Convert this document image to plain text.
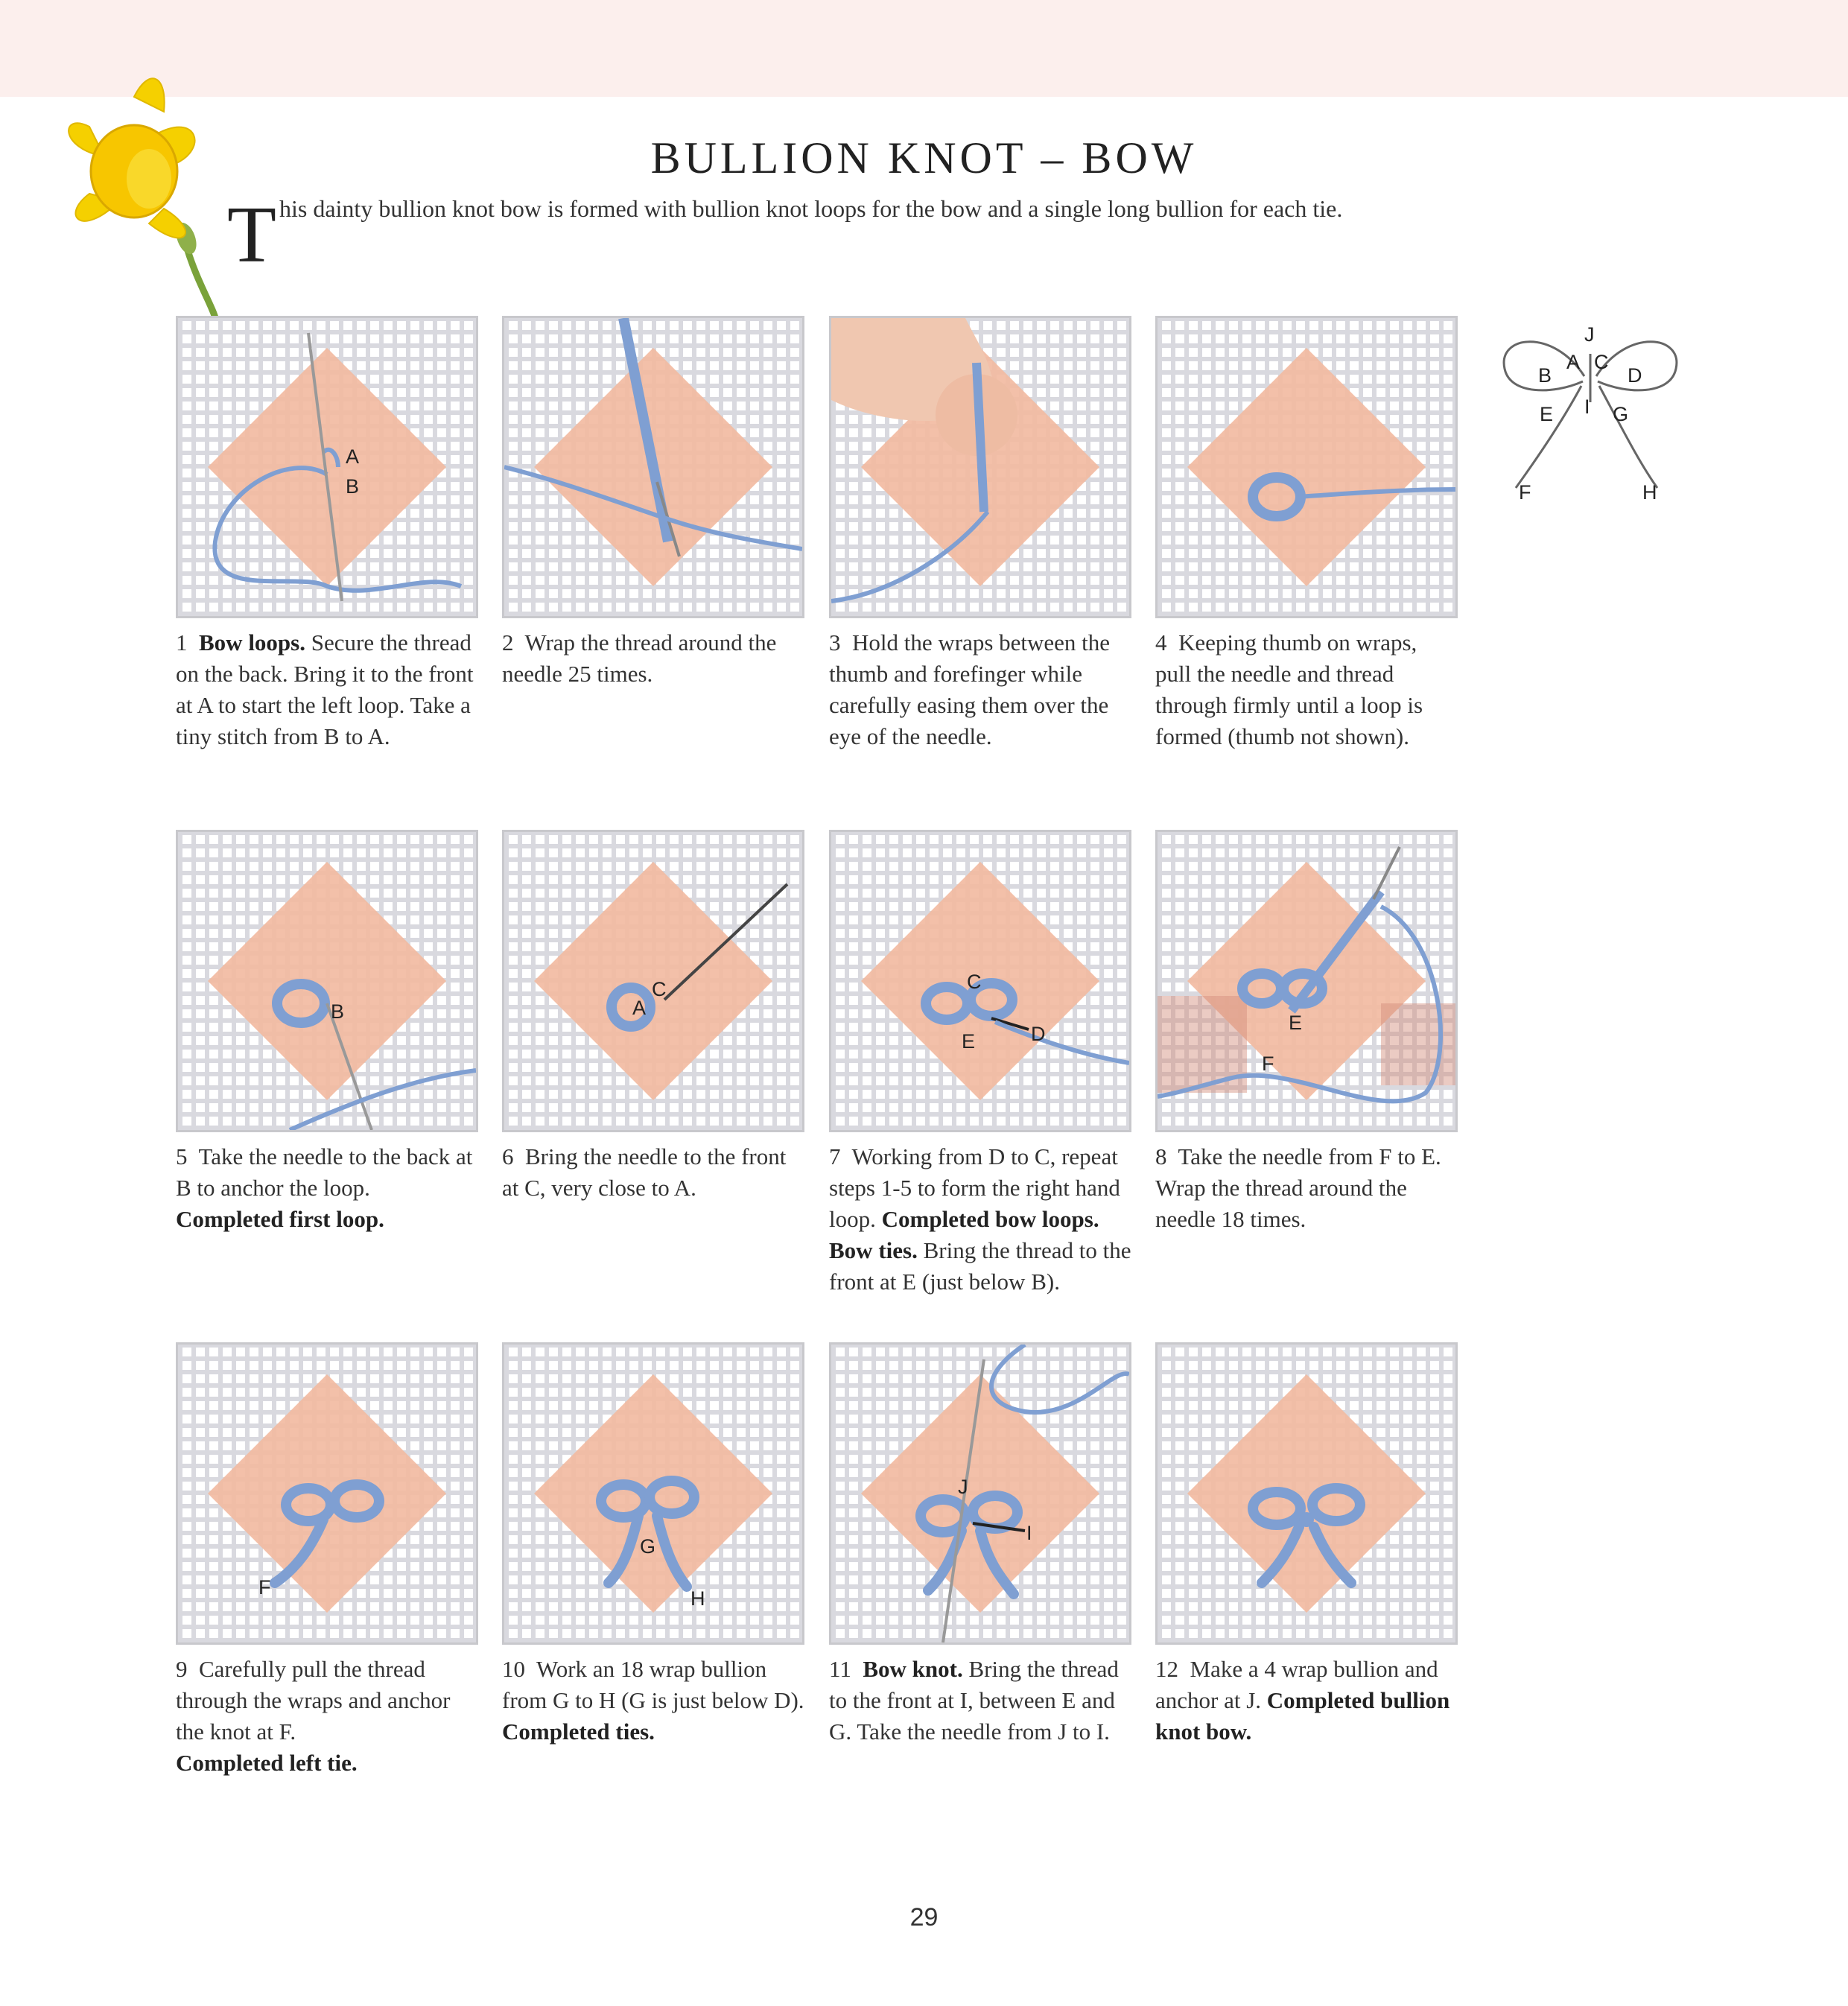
BULLION KNOT – BOW
T his dainty bullion knot bow is formed with bullion knot loops for the bow and a single long bullion for each tie.
J
A C
B	D
E I G
F	H
A
B
1 Bow loops. Secure the thread on the back. Bring it to the front at A to start the left loop. Take a tiny stitch from B to A.
2 Wrap the thread around the needle 25 times.
3 Hold the wraps between the thumb and forefinger while carefully easing them over the eye of the needle.
4 Keeping thumb on wraps, pull the needle and thread through firmly until a loop is formed (thumb not shown).
B
5 Take the needle to the back at B to anchor the loop.
Completed first loop.
A
C
6 Bring the needle to the front at C, very close to A.
C
E	D
7 Working from D to C, repeat steps 1-5 to form the right hand loop. Completed bow loops. Bow ties. Bring the thread to the front at E (just below B).
E
F
8 Take the needle from F to E. Wrap the thread around the needle 18 times.
F
9 Carefully pull the thread through the wraps and anchor the knot at F.
Completed left tie.
G
H
10 Work an 18 wrap bullion from G to H (G is just below D). Completed ties.
J
I
11 Bow knot. Bring the thread to the front at I, between E and G. Take the needle from J to I.
12 Make a 4 wrap bullion and anchor at J. Completed bullion knot bow.
29
